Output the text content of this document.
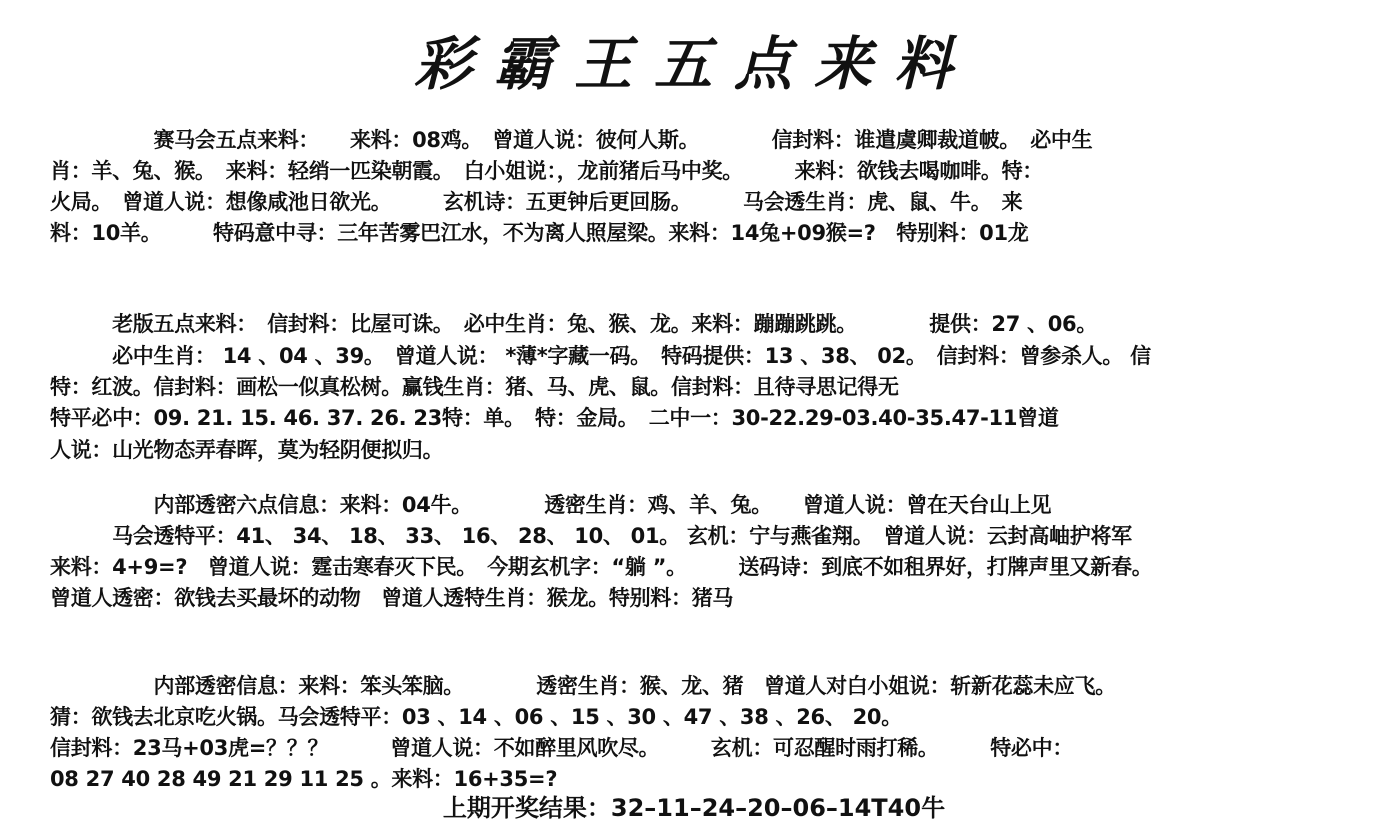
彩霸王五点来料
　　　　　赛马会五点来料：　　来料：08鸡。　曾道人说：彼何人斯。　　　　信封料：谁遣虞卿裁道帔。　必中生
肖：羊、兔、猴。　来料：轻绡一匹染朝霞。　白小姐说：，龙前猪后马中奖。　　　来料：欲钱去喝咖啡。特：
火局。　曾道人说：想像咸池日欲光。　　　玄机诗：五更钟后更回肠。　　　马会透生肖：虎、鼠、牛。　来
料：10羊。　　　特码意中寻：三年苦雾巴江水，不为离人照屋梁。来料：14兔+09猴=?　特别料：01龙
　　　老版五点来料：　信封料：比屋可诛。　必中生肖：兔、猴、龙。来料：蹦蹦跳跳。　　　　提供：27 、06。
　　　必中生肖： 14 、04 、39。　曾道人说： *薄*字藏一码。　特码提供：13 、38、 02。　信封料：曾参杀人。 信
特：红波。信封料：画松一似真松树。赢钱生肖：猪、马、虎、鼠。信封料：且待寻思记得无
特平必中：09. 21. 15. 46. 37. 26. 23特：单。　特：金局。　二中一：30-22.29-03.40-35.47-11曾道
人说：山光物态弄春晖，莫为轻阴便拟归。
　　　　　内部透密六点信息：来料：04牛。　　　　透密生肖：鸡、羊、兔。　　曾道人说：曾在天台山上见
　　　马会透特平：41、 34、 18、 33、 16、 28、 10、 01。 玄机：宁与燕雀翔。　曾道人说：云封高岫护将军
来料：4+9=?　曾道人说：霆击寒春灭下民。　今期玄机字：“躺 ”。　　　送码诗：到底不如租界好，打牌声里又新春。
曾道人透密：欲钱去买最坏的动物　曾道人透特生肖：猴龙。特别料：猪马
　　　　　内部透密信息：来料：笨头笨脑。　　　　透密生肖：猴、龙、猪　曾道人对白小姐说：斩新花蕊未应飞。
猜：欲钱去北京吃火锅。马会透特平：03 、14 、06 、15 、30 、47 、38 、26、 20。
信封料：23马+03虎=？？？　　　曾道人说：不如醉里风吹尽。　　　玄机：可忍醒时雨打稀。　　　特必中：
08 27 40 28 49 21 29 11 25 。来料：16+35=?
上期开奖结果：32–11–24–20–06–14T40牛
